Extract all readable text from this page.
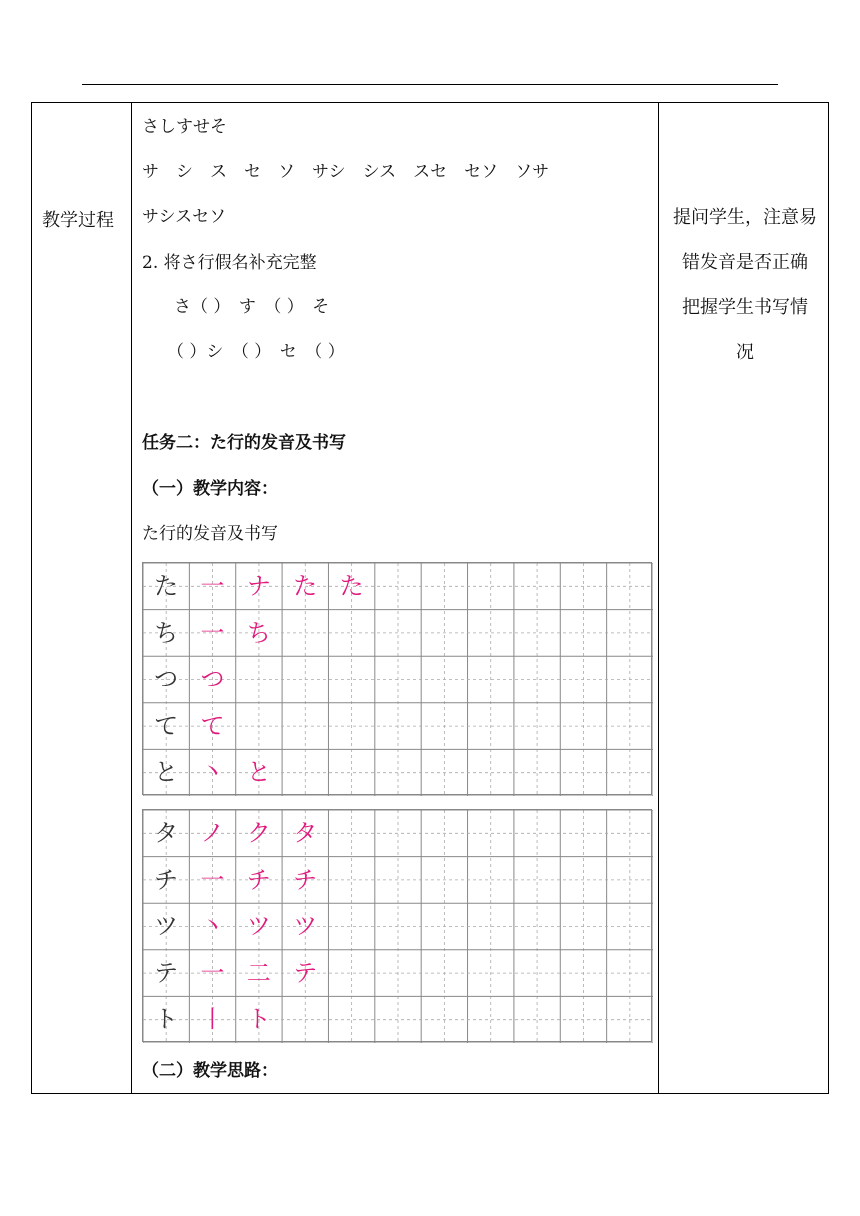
教学过程
さしすせそ
サ　シ　ス　セ　ソ　サシ　シス　スセ　セソ　ソサ
サシスセソ
2. 将さ行假名补充完整
さ（ ）　す　（ ）　そ
（ ）シ　（ ）　セ　（ ）
任务二：た行的发音及书写
（一）教学内容：
た行的发音及书写
た 一 ナ た た
ち 一 ち
つ つ
て て
と 丶 と
タ ノ ク タ
チ 一 チ チ
ツ 丶 ツ ツ
テ 一 二 テ
ト 丨 ト
（二）教学思路：
提问学生，注意易
错发音是否正确
把握学生书写情
况
